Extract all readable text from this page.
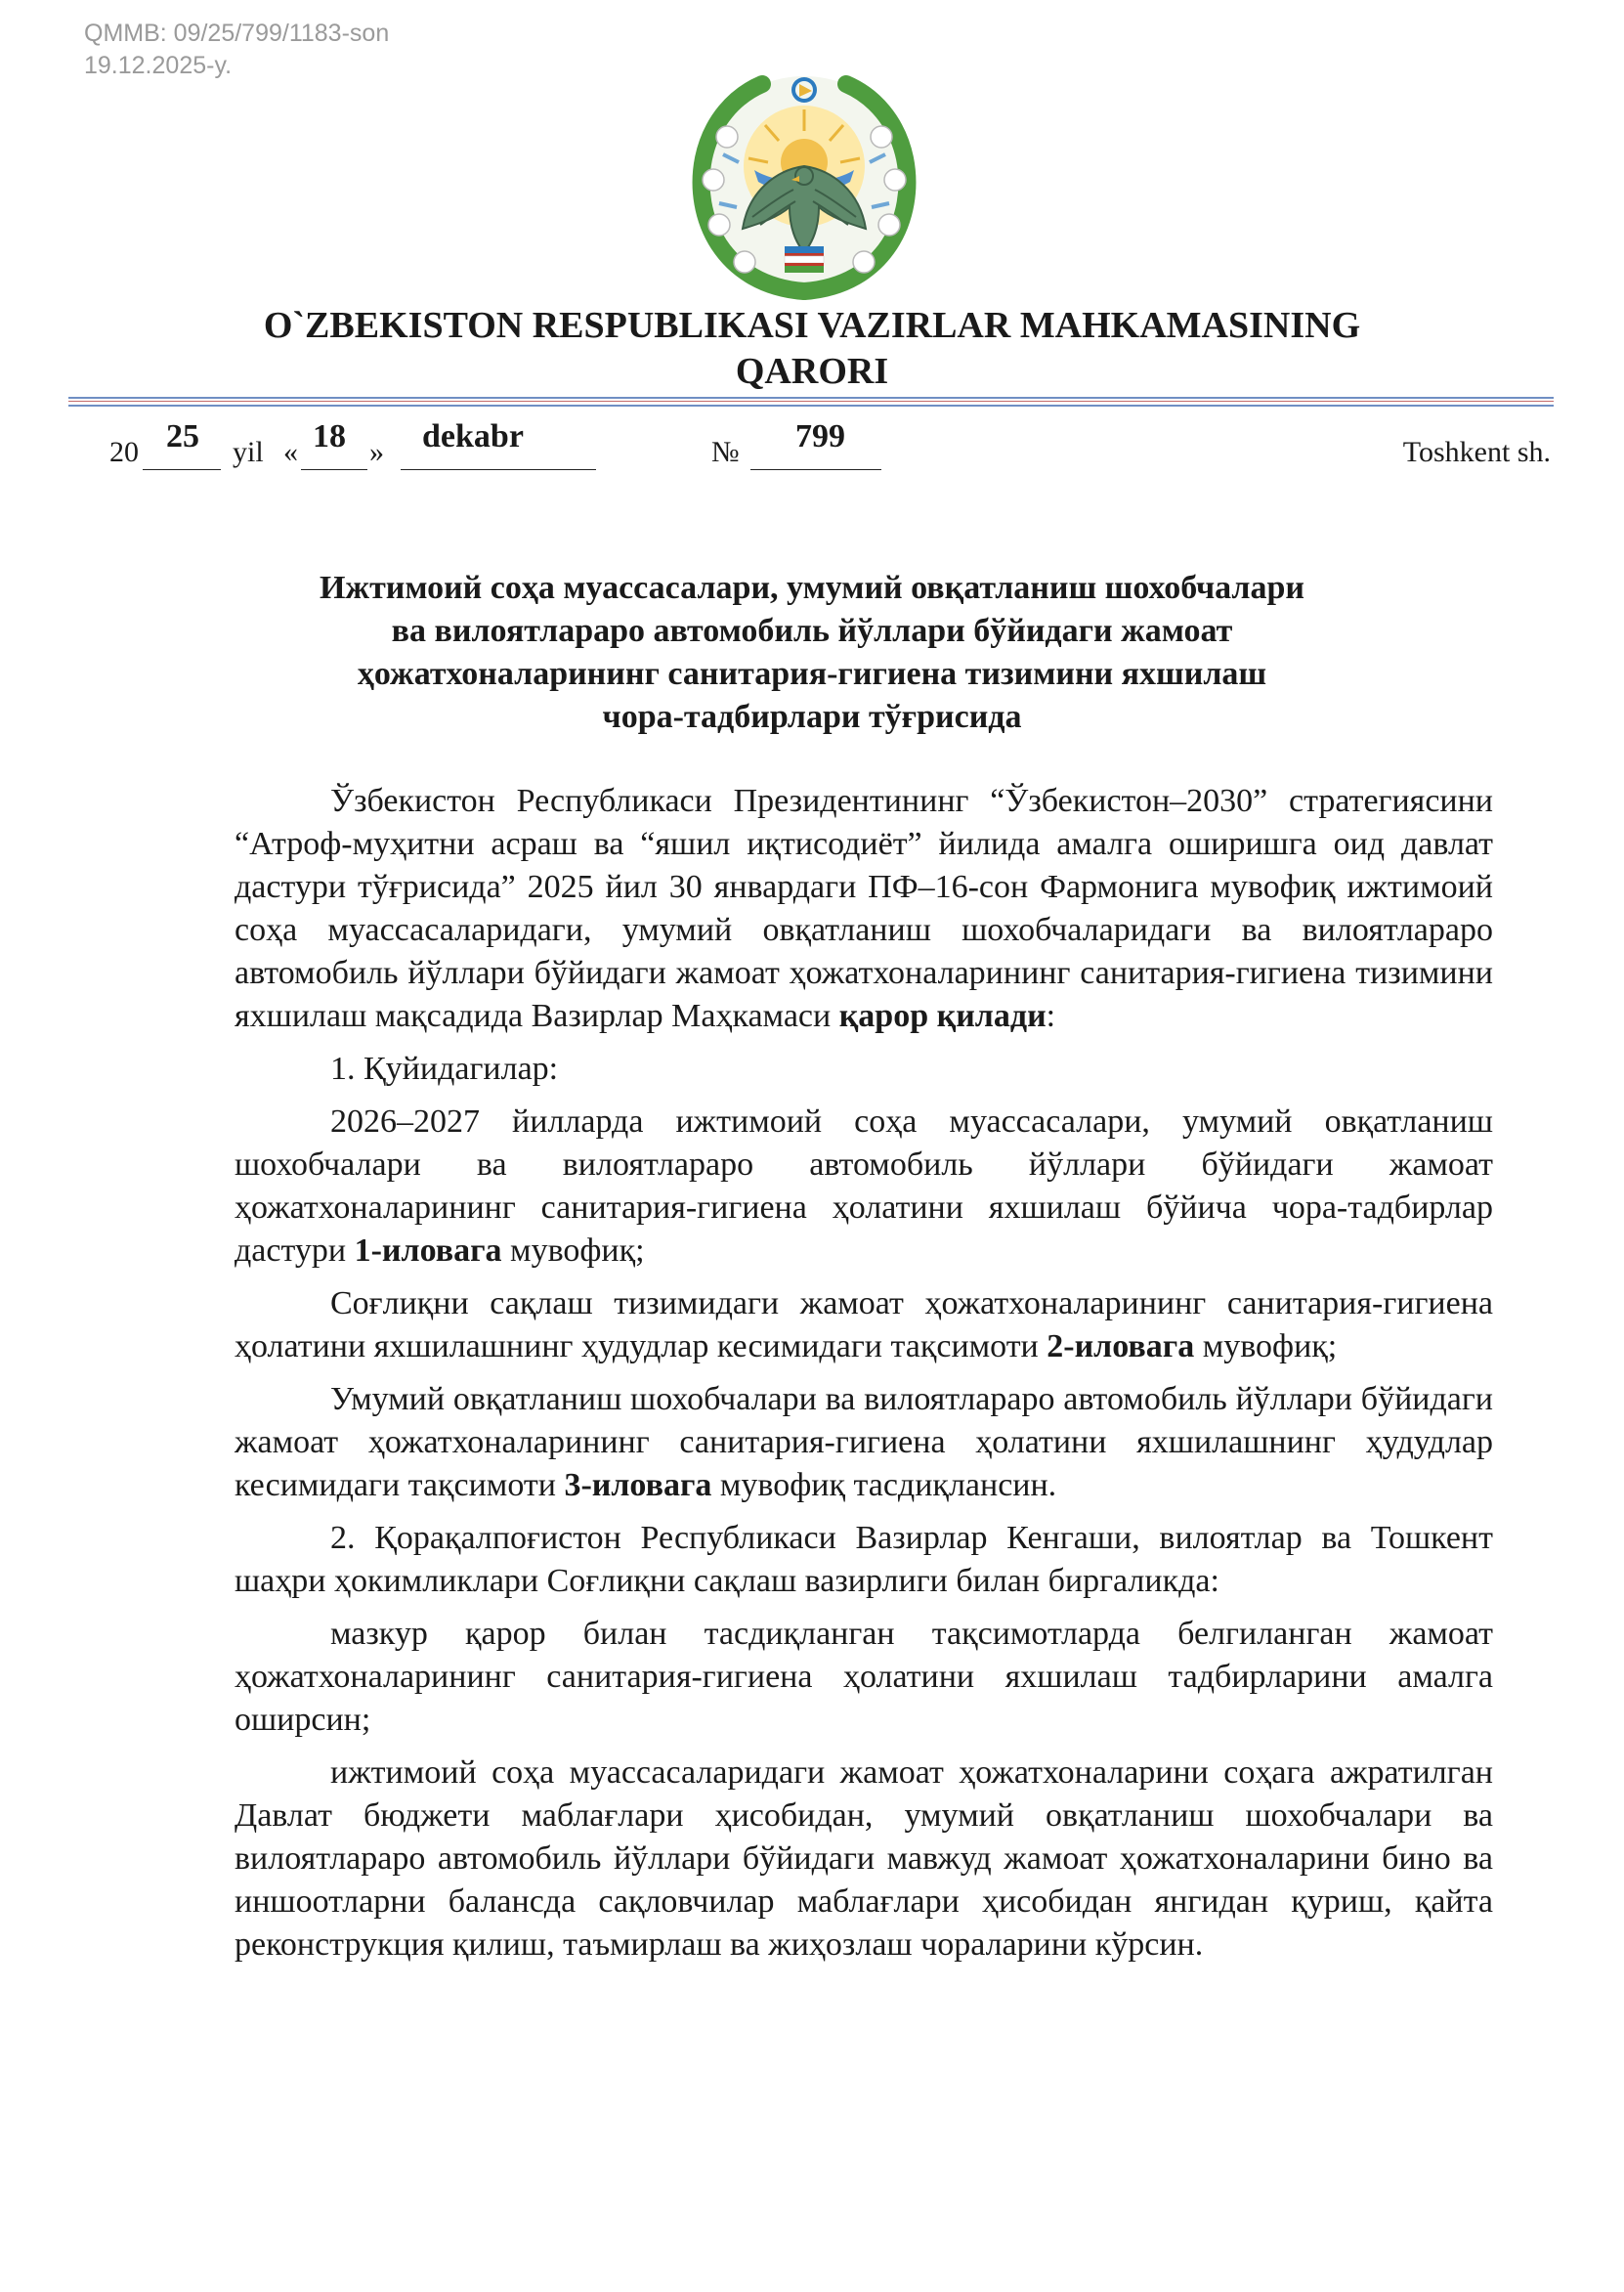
QMMB: 09/25/799/1183-son
19.12.2025-y.
O`ZBEKISTON RESPUBLIKASI VAZIRLAR MAHKAMASINING
QARORI
20 25 yil « 18 » dekabr	№ 799	Toshkent sh.
Ижтимоий соҳа муассасалари, умумий овқатланиш шохобчалари
ва вилоятлараро автомобиль йўллари бўйидаги жамоат
ҳожатхоналарининг санитария-гигиена тизимини яхшилаш
чора-тадбирлари тўғрисида

Ўзбекистон Республикаси Президентининг “Ўзбекистон–2030” стратегиясини “Атроф-муҳитни асраш ва “яшил иқтисодиёт” йилида амалга оширишга оид давлат дастури тўғрисида” 2025 йил 30 январдаги ПФ–16-сон Фармонига мувофиқ ижтимоий соҳа муассасаларидаги, умумий овқатланиш шохобчаларидаги ва вилоятлараро автомобиль йўллари бўйидаги жамоат ҳожатхоналарининг санитария-гигиена тизимини яхшилаш мақсадида Вазирлар Маҳкамаси қарор қилади:

1. Қуйидагилар:

2026–2027 йилларда ижтимоий соҳа муассасалари, умумий овқатланиш шохобчалари ва вилоятлараро автомобиль йўллари бўйидаги жамоат ҳожатхоналарининг санитария-гигиена ҳолатини яхшилаш бўйича чора-тадбирлар дастури 1-иловага мувофиқ;

Соғлиқни сақлаш тизимидаги жамоат ҳожатхоналарининг санитария-гигиена ҳолатини яхшилашнинг ҳудудлар кесимидаги тақсимоти 2-иловага мувофиқ;

Умумий овқатланиш шохобчалари ва вилоятлараро автомобиль йўллари бўйидаги жамоат ҳожатхоналарининг санитария-гигиена ҳолатини яхшилашнинг ҳудудлар кесимидаги тақсимоти 3-иловага мувофиқ тасдиқлансин.

2. Қорақалпоғистон Республикаси Вазирлар Кенгаши, вилоятлар ва Тошкент шаҳри ҳокимликлари Соғлиқни сақлаш вазирлиги билан биргаликда:

мазкур қарор билан тасдиқланган тақсимотларда белгиланган жамоат ҳожатхоналарининг санитария-гигиена ҳолатини яхшилаш тадбирларини амалга оширсин;

ижтимоий соҳа муассасаларидаги жамоат ҳожатхоналарини соҳага ажратилган Давлат бюджети маблағлари ҳисобидан, умумий овқатланиш шохобчалари ва вилоятлараро автомобиль йўллари бўйидаги мавжуд жамоат ҳожатхоналарини бино ва иншоотларни балансда сақловчилар маблағлари ҳисобидан янгидан қуриш, қайта реконструкция қилиш, таъмирлаш ва жиҳозлаш чораларини кўрсин.
